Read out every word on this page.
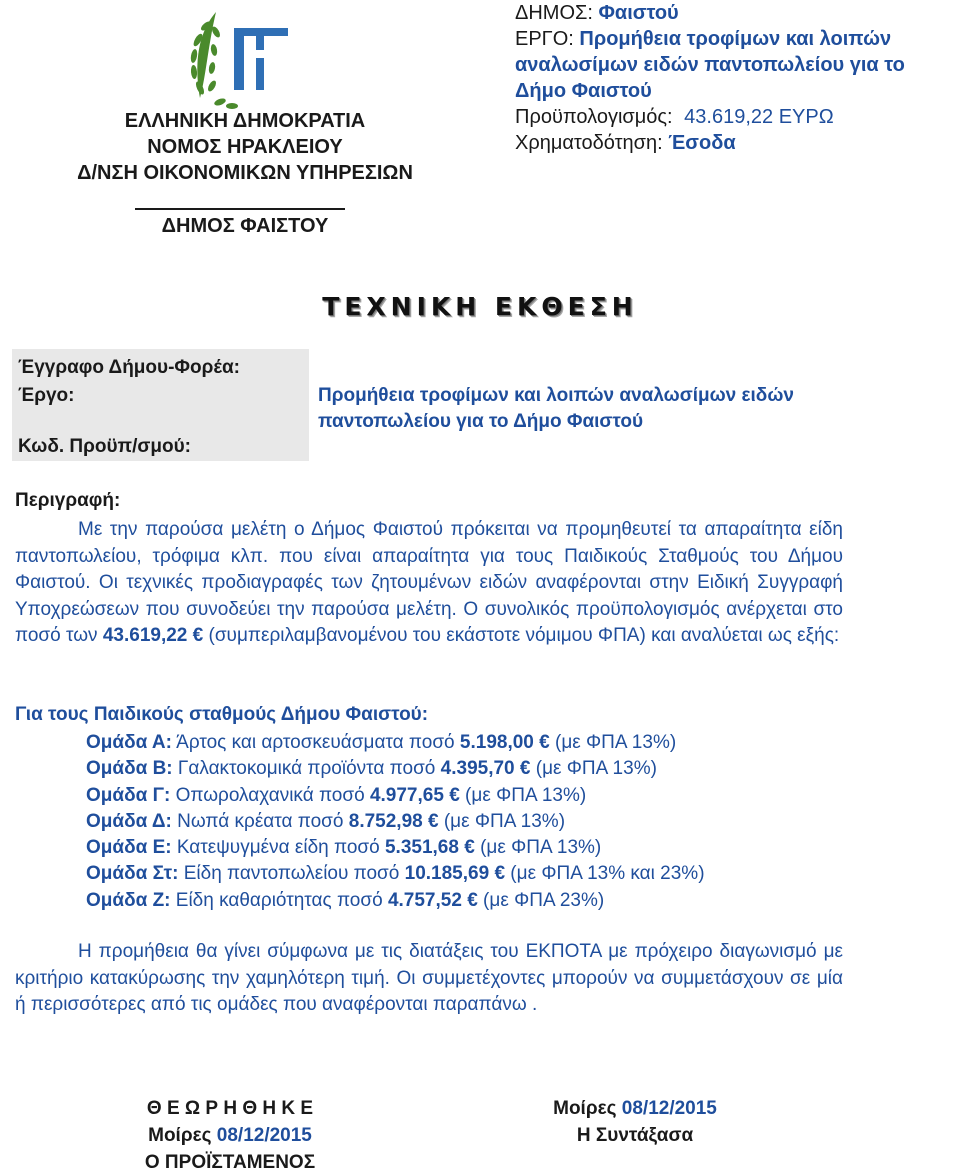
ΕΛΛΗΝΙΚΗ ΔΗΜΟΚΡΑΤΙΑ
ΝΟΜΟΣ ΗΡΑΚΛΕΙΟΥ
Δ/ΝΣΗ ΟΙΚΟΝΟΜΙΚΩΝ ΥΠΗΡΕΣΙΩΝ
ΔΗΜΟΣ ΦΑΙΣΤΟΥ
ΔΗΜΟΣ: Φαιστού
ΕΡΓΟ: Προμήθεια τροφίμων και λοιπών
αναλωσίμων ειδών παντοπωλείου για το
Δήμο Φαιστού
Προϋπολογισμός: 43.619,22 ΕΥΡΩ
Χρηματοδότηση: Έσοδα
ΤΕΧΝΙΚΗ ΕΚΘΕΣΗ
Έγγραφο Δήμου-Φορέα:
Έργο:
Κωδ. Προϋπ/σμού:
Προμήθεια τροφίμων και λοιπών αναλωσίμων ειδών παντοπωλείου για το Δήμο Φαιστού
Περιγραφή:
Με την παρούσα μελέτη ο Δήμος Φαιστού πρόκειται να προμηθευτεί τα απαραίτητα είδη παντοπωλείου, τρόφιμα κλπ. που είναι απαραίτητα για τους Παιδικούς Σταθμούς του Δήμου Φαιστού. Οι τεχνικές προδιαγραφές των ζητουμένων ειδών αναφέρονται στην Ειδική Συγγραφή Υποχρεώσεων που συνοδεύει την παρούσα μελέτη. Ο συνολικός προϋπολογισμός ανέρχεται στο ποσό των 43.619,22 € (συμπεριλαμβανομένου του εκάστοτε νόμιμου ΦΠΑ) και αναλύεται ως εξής:
Για τους Παιδικούς σταθμούς Δήμου Φαιστού:
Ομάδα Α: Άρτος και αρτοσκευάσματα ποσό 5.198,00 € (με ΦΠΑ 13%)
Ομάδα Β: Γαλακτοκομικά προϊόντα ποσό 4.395,70 € (με ΦΠΑ 13%)
Ομάδα Γ: Οπωρολαχανικά ποσό 4.977,65 € (με ΦΠΑ 13%)
Ομάδα Δ: Νωπά κρέατα ποσό 8.752,98 € (με ΦΠΑ 13%)
Ομάδα Ε: Κατεψυγμένα είδη ποσό 5.351,68 € (με ΦΠΑ 13%)
Ομάδα Στ: Είδη παντοπωλείου ποσό 10.185,69 € (με ΦΠΑ 13% και 23%)
Ομάδα Ζ: Είδη καθαριότητας ποσό 4.757,52 € (με ΦΠΑ 23%)
Η προμήθεια θα γίνει σύμφωνα με τις διατάξεις του ΕΚΠΟΤΑ με πρόχειρο διαγωνισμό με κριτήριο κατακύρωσης την χαμηλότερη τιμή. Οι συμμετέχοντες μπορούν να συμμετάσχουν σε μία ή περισσότερες από τις ομάδες που αναφέρονται παραπάνω .
Θ Ε Ω Ρ Η Θ Η Κ Ε
Μοίρες 08/12/2015
Ο ΠΡΟΪΣΤΑΜΕΝΟΣ
Μοίρες 08/12/2015
Η Συντάξασα
